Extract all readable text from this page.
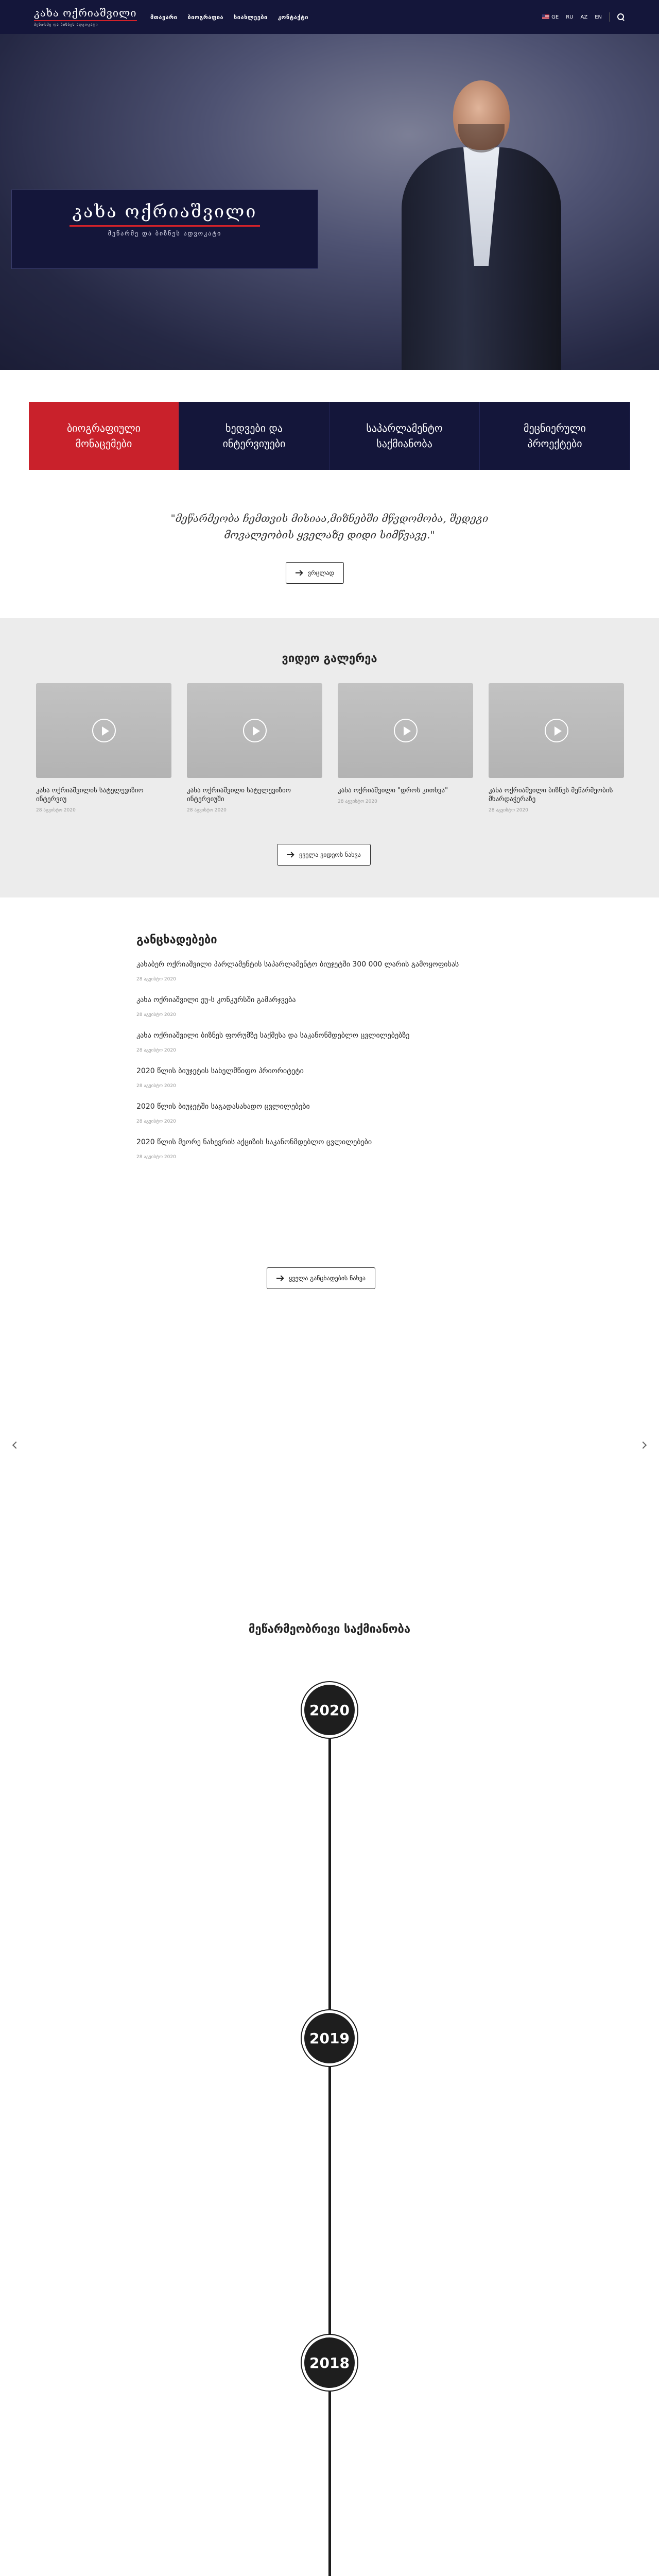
კახა ოქრიაშვილი
მეწარმე და ბიზნეს ადვოკატი
მთავარი ბიოგრაფია სიახლეები კონტაქტი	GE RU AZ EN
კახა ოქრიაშვილი
მეწარმე და ბიზნეს ადვოკატი
ბიოგრაფიული მონაცემები
ხედვები და ინტერვიუები
საპარლამენტო საქმიანობა
მეცნიერული პროექტები
"მეწარმეობა ჩემთვის მისიაა,მიზნებში მწვდომობა, შედეგი
მოვალეობის ყველაზე დიდი სიმწვავე."
ვრცლად
ვიდეო გალერეა
კახა ოქრიაშვილის სატელევიზიო ინტერვიუ
28 აგვისტო 2020
კახა ოქრიაშვილი სატელევიზიო ინტერვიუში
28 აგვისტო 2020
კახა ოქრიაშვილი "დროს კითხვა"
28 აგვისტო 2020
კახა ოქრიაშვილი ბიზნეს მეწარმეობის მხარდაჭერაზე
28 აგვისტო 2020
ყველა ვიდეოს ნახვა
განცხადებები
კახაბერ ოქრიაშვილი პარლამენტის საპარლამენტო ბიუჯეტში 300 000 ლარის გამოყოფისას
28 აგვისტო 2020
კახა ოქრიაშვილი ეუ-ს კონკურსში გამარჯვება
28 აგვისტო 2020
კახა ოქრიაშვილი ბიზნეს ფორუმზე საქმესა და საკანონმდებლო ცვლილებებზე
28 აგვისტო 2020
2020 წლის ბიუჯეტის სახელმწიფო პრიორიტეტი
28 აგვისტო 2020
2020 წლის ბიუჯეტში საგადასახადო ცვლილებები
28 აგვისტო 2020
2020 წლის მეორე ნახევრის აქციზის საკანონმდებლო ცვლილებები
28 აგვისტო 2020
ყველა განცხადების ნახვა
მეწარმეობრივი საქმიანობა
2020
2019
2018
